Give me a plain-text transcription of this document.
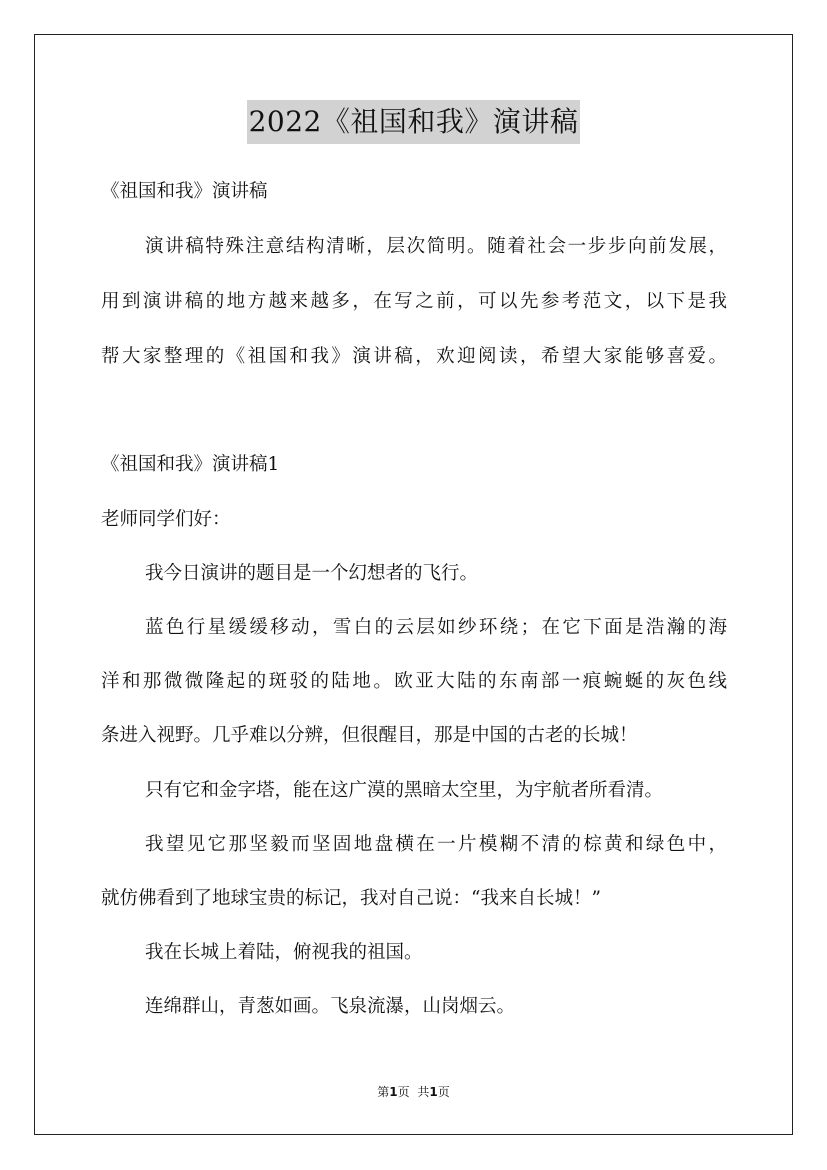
2022《祖国和我》演讲稿
《祖国和我》演讲稿
演讲稿特殊注意结构清晰，层次简明。随着社会一步步向前发展，
用到演讲稿的地方越来越多，在写之前，可以先参考范文，以下是我
帮大家整理的《祖国和我》演讲稿，欢迎阅读，希望大家能够喜爱。
《祖国和我》演讲稿1
老师同学们好：
我今日演讲的题目是一个幻想者的飞行。
蓝色行星缓缓移动，雪白的云层如纱环绕；在它下面是浩瀚的海
洋和那微微隆起的斑驳的陆地。欧亚大陆的东南部一痕蜿蜒的灰色线
条进入视野。几乎难以分辨，但很醒目，那是中国的古老的长城！
只有它和金字塔，能在这广漠的黑暗太空里，为宇航者所看清。
我望见它那坚毅而坚固地盘横在一片模糊不清的棕黄和绿色中，
就仿佛看到了地球宝贵的标记，我对自己说：“我来自长城！”
我在长城上着陆，俯视我的祖国。
连绵群山，青葱如画。飞泉流瀑，山岗烟云。
第1页 共1页
